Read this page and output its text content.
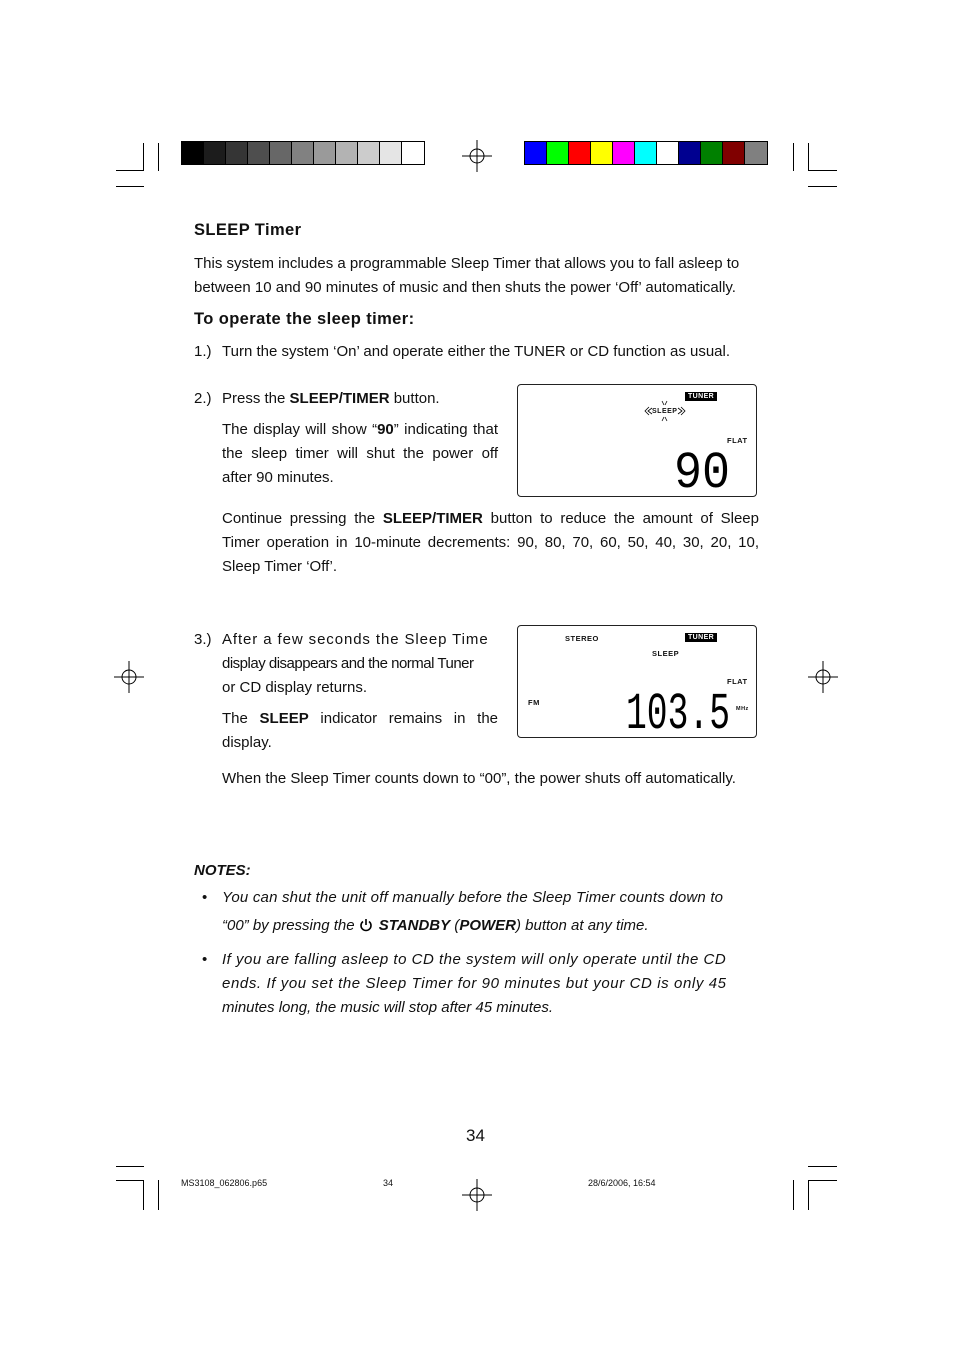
SLEEP Timer
This system includes a programmable Sleep Timer that allows you to fall asleep to
between 10 and 90 minutes of music and then shuts the power ‘Off’ automatically.
To operate the sleep timer:
1.) Turn the system ‘On’ and operate either the TUNER or CD function as usual.
2.) Press the SLEEP/TIMER button.
The display will show “90” indicating that the sleep timer will shut the power off after 90 minutes.
Continue pressing the SLEEP/TIMER button to reduce the amount of Sleep Timer operation in 10-minute decrements: 90, 80, 70, 60, 50, 40, 30, 20, 10, Sleep Timer ‘Off’.
TUNER
SLEEP
FLAT
90
3.) After a few seconds the Sleep Time
display disappears and the normal Tuner
or CD display returns.
The SLEEP indicator remains in the display.
When the Sleep Timer counts down to “00”, the power shuts off automatically.
STEREO	TUNER
SLEEP
FLAT
FM 103.5 MHz
NOTES:
• You can shut the unit off manually before the Sleep Timer counts down to
“00” by pressing the STANDBY (POWER) button at any time.
• If you are falling asleep to CD the system will only operate until the CD
ends. If you set the Sleep Timer for 90 minutes but your CD is only 45
minutes long, the music will stop after 45 minutes.
34
MS3108_062806.p65	34	28/6/2006, 16:54
